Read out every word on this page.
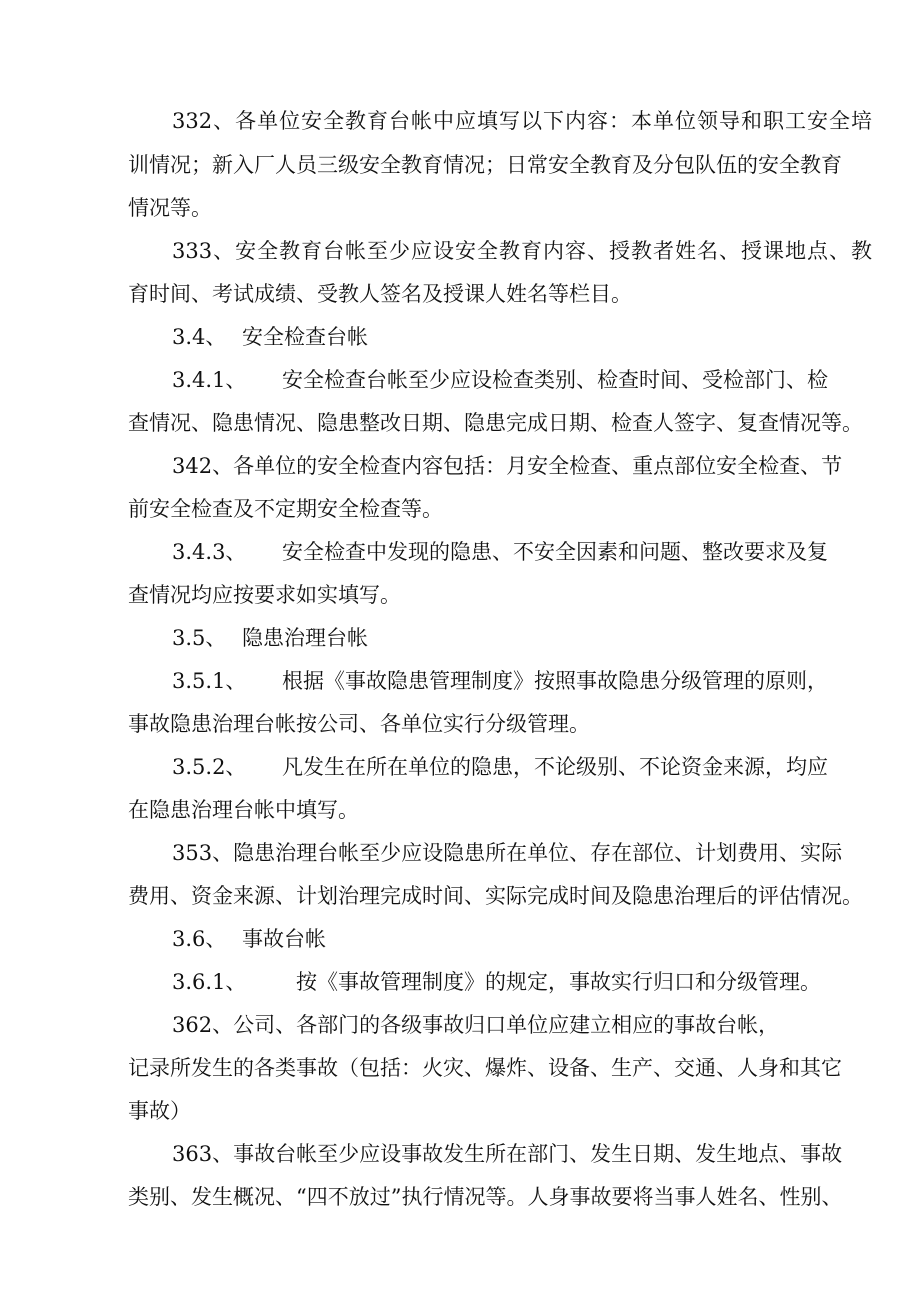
332、各单位安全教育台帐中应填写以下内容：本单位领导和职工安全培
训情况；新入厂人员三级安全教育情况；日常安全教育及分包队伍的安全教育
情况等。
333、安全教育台帐至少应设安全教育内容、授教者姓名、授课地点、教
育时间、考试成绩、受教人签名及授课人姓名等栏目。
3.4、 安全检查台帐
3.4.1、	安全检查台帐至少应设检查类别、检查时间、受检部门、检
查情况、隐患情况、隐患整改日期、隐患完成日期、检查人签字、复查情况等。
342、各单位的安全检查内容包括：月安全检查、重点部位安全检查、节
前安全检查及不定期安全检查等。
3.4.3、	安全检查中发现的隐患、不安全因素和问题、整改要求及复
查情况均应按要求如实填写。
3.5、 隐患治理台帐
3.5.1、	根据《事故隐患管理制度》按照事故隐患分级管理的原则，
事故隐患治理台帐按公司、各单位实行分级管理。
3.5.2、	凡发生在所在单位的隐患，不论级别、不论资金来源，均应
在隐患治理台帐中填写。
353、隐患治理台帐至少应设隐患所在单位、存在部位、计划费用、实际
费用、资金来源、计划治理完成时间、实际完成时间及隐患治理后的评估情况。
3.6、 事故台帐
3.6.1、 按《事故管理制度》的规定，事故实行归口和分级管理。
362、公司、各部门的各级事故归口单位应建立相应的事故台帐，
记录所发生的各类事故（包括：火灾、爆炸、设备、生产、交通、人身和其它
事故）
363、事故台帐至少应设事故发生所在部门、发生日期、发生地点、事故
类别、发生概况、“四不放过”执行情况等。人身事故要将当事人姓名、性别、
